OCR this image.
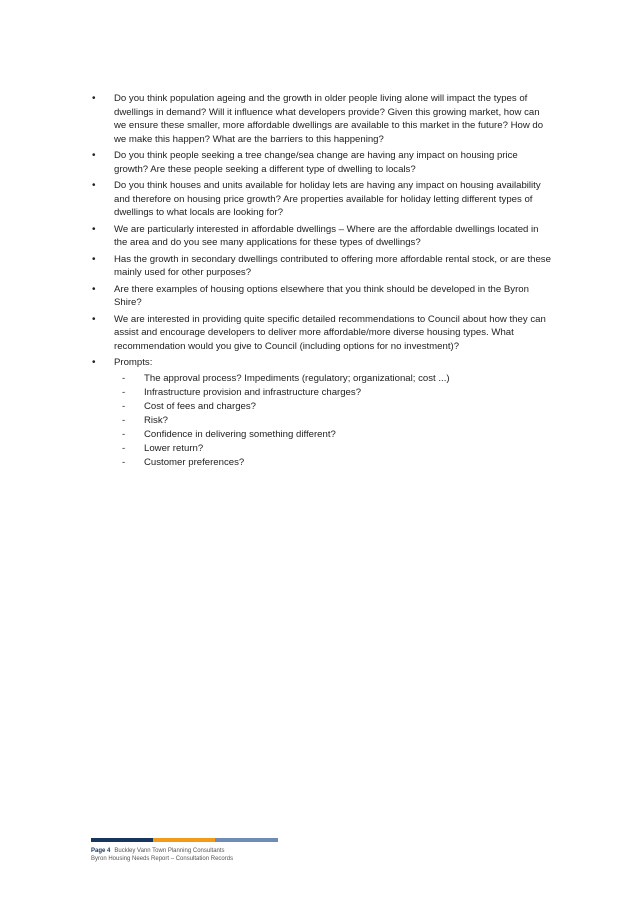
• Do you think population ageing and the growth in older people living alone will impact the types of dwellings in demand? Will it influence what developers provide? Given this growing market, how can we ensure these smaller, more affordable dwellings are available to this market in the future? How do we make this happen? What are the barriers to this happening?
• Do you think people seeking a tree change/sea change are having any impact on housing price growth? Are these people seeking a different type of dwelling to locals?
• Do you think houses and units available for holiday lets are having any impact on housing availability and therefore on housing price growth? Are properties available for holiday letting different types of dwellings to what locals are looking for?
• We are particularly interested in affordable dwellings – Where are the affordable dwellings located in the area and do you see many applications for these types of dwellings?
• Has the growth in secondary dwellings contributed to offering more affordable rental stock, or are these mainly used for other purposes?
• Are there examples of housing options elsewhere that you think should be developed in the Byron Shire?
• We are interested in providing quite specific detailed recommendations to Council about how they can assist and encourage developers to deliver more affordable/more diverse housing types. What recommendation would you give to Council (including options for no investment)?
• Prompts:
- The approval process? Impediments (regulatory; organizational; cost ...)
- Infrastructure provision and infrastructure charges?
- Cost of fees and charges?
- Risk?
- Confidence in delivering something different?
- Lower return?
- Customer preferences?
Page 4 Buckley Vann Town Planning Consultants
Byron Housing Needs Report – Consultation Records
